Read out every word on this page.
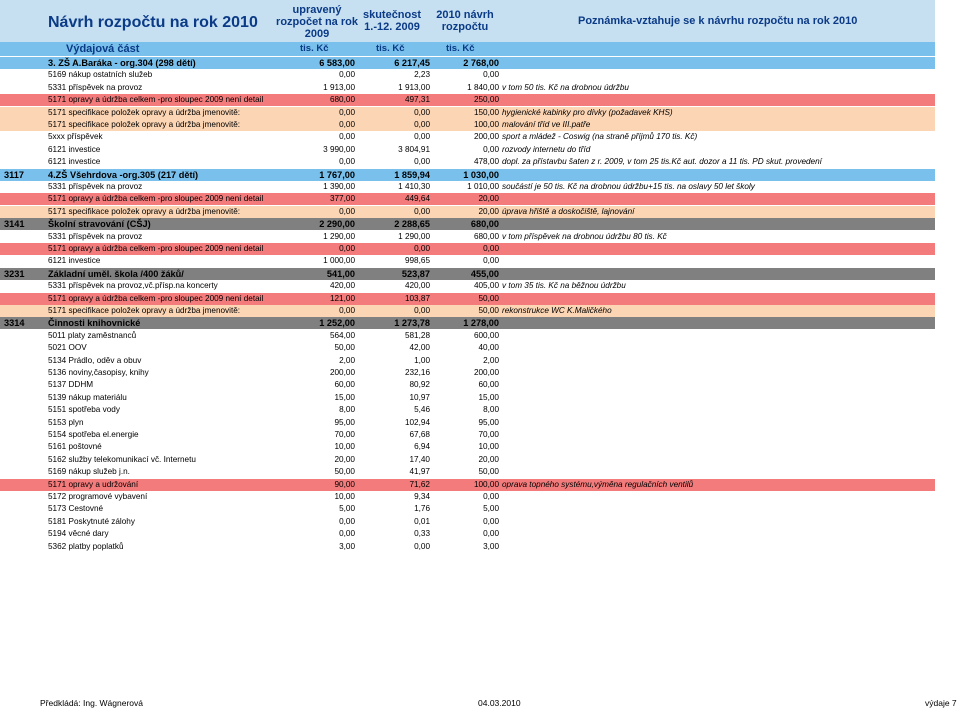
Návrh rozpočtu na rok 2010
upravený
rozpočet na rok
2009
skutečnost
1.-12. 2009
2010 návrh
rozpočtu	Poznámka-vztahuje se k návrhu rozpočtu na rok 2010
Výdajová část	tis. Kč	tis. Kč	tis. Kč
3. ZŠ A.Baráka - org.304 (298 dětí)	6 583,00	6 217,45	2 768,00
5169 nákup ostatních služeb	0,00	2,23	0,00
5331 příspěvek na provoz	1 913,00	1 913,00	1 840,00 v tom 50 tis. Kč na drobnou údržbu
5171 opravy a údržba celkem -pro sloupec 2009 není detail	680,00	497,31	250,00
5171 specifikace položek opravy a údržba jmenovitě:	0,00	0,00	150,00 hygienické kabinky pro dívky (požadavek KHS)
5171 specifikace položek opravy a údržba jmenovitě:	0,00	0,00	100,00 malování tříd ve III.patře
5xxx příspěvek	0,00	0,00	200,00 sport a mládež - Coswig (na straně příjmů 170 tis. Kč)
6121 investice	3 990,00	3 804,91	0,00 rozvody internetu do tříd
6121 investice	0,00	0,00	478,00 dopl. za přístavbu šaten z r. 2009, v tom 25 tis.Kč aut. dozor a 11 tis. PD skut. provedení
3117	4.ZŠ Všehrdova -org.305 (217 dětí)	1 767,00	1 859,94	1 030,00
5331 příspěvek na provoz	1 390,00	1 410,30	1 010,00 součástí je 50 tis. Kč na drobnou údržbu+15 tis. na oslavy 50 let školy
5171 opravy a údržba celkem -pro sloupec 2009 není detail	377,00	449,64	20,00
5171 specifikace položek opravy a údržba jmenovitě:	0,00	0,00	20,00 úprava hřiště a doskočiště, lajnování
3141	Školní stravování (CŠJ)	2 290,00	2 288,65	680,00
5331 příspěvek na provoz	1 290,00	1 290,00	680,00 v tom příspěvek na drobnou údržbu 80 tis. Kč
5171 opravy a údržba celkem -pro sloupec 2009 není detail	0,00	0,00	0,00
6121 investice	1 000,00	998,65	0,00
3231	Základní uměl. škola /400 žáků/	541,00	523,87	455,00
5331 příspěvek na provoz,vč.přísp.na koncerty	420,00	420,00	405,00 v tom 35 tis. Kč na běžnou údržbu
5171 opravy a údržba celkem -pro sloupec 2009 není detail	121,00	103,87	50,00
5171 specifikace položek opravy a údržba jmenovitě:	0,00	0,00	50,00 rekonstrukce WC K.Maličkého
3314	Činnosti knihovnické	1 252,00	1 273,78	1 278,00
5011 platy zaměstnanců	564,00	581,28	600,00
5021 OOV	50,00	42,00	40,00
5134 Prádlo, oděv a obuv	2,00	1,00	2,00
5136 noviny,časopisy, knihy	200,00	232,16	200,00
5137 DDHM	60,00	80,92	60,00
5139 nákup materiálu	15,00	10,97	15,00
5151 spotřeba vody	8,00	5,46	8,00
5153 plyn	95,00	102,94	95,00
5154 spotřeba el.energie	70,00	67,68	70,00
5161 poštovné	10,00	6,94	10,00
5162 služby telekomunikací vč. Internetu	20,00	17,40	20,00
5169 nákup služeb j.n.	50,00	41,97	50,00
5171 opravy a udržování	90,00	71,62	100,00 oprava topného systému,výměna regulačních ventilů
5172 programové vybavení	10,00	9,34	0,00
5173 Cestovné	5,00	1,76	5,00
5181 Poskytnuté zálohy	0,00	0,01	0,00
5194 věcné dary	0,00	0,33	0,00
5362 platby poplatků	3,00	0,00	3,00
Předkládá: Ing. Wágnerová	04.03.2010	výdaje 7
